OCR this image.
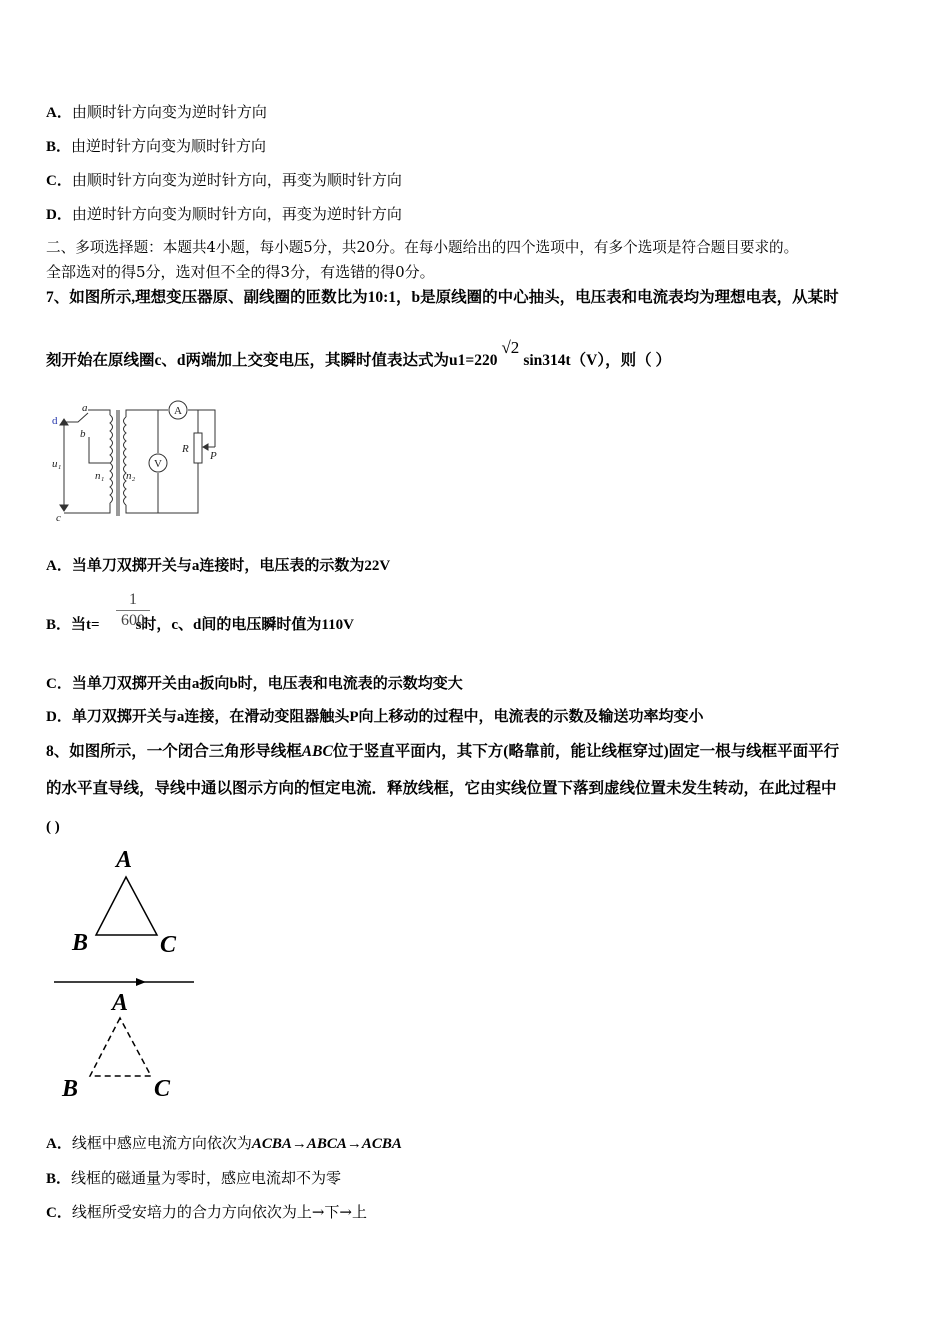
A．由顺时针方向变为逆时针方向
B．由逆时针方向变为顺时针方向
C．由顺时针方向变为逆时针方向，再变为顺时针方向
D．由逆时针方向变为顺时针方向，再变为逆时针方向
二、多项选择题：本题共4小题，每小题5分，共20分。在每小题给出的四个选项中，有多个选项是符合题目要求的。
全部选对的得5分，选对但不全的得3分，有选错的得0分。
7、如图所示,理想变压器原、副线圈的匝数比为10:1，b是原线圈的中心抽头，电压表和电流表均为理想电表，从某时
刻开始在原线圈c、d两端加上交变电压，其瞬时值表达式为u1=220√2sin314t（V），则（ ）
d
a
b
u₁
n₁ n₂
A
V
R
P
c
A．当单刀双掷开关与a连接时，电压表的示数为22V
B．当t= s时，c、d间的电压瞬时值为110V
$\frac{1}{600}$
C．当单刀双掷开关由a扳向b时，电压表和电流表的示数均变大
D．单刀双掷开关与a连接，在滑动变阻器触头P向上移动的过程中，电流表的示数及输送功率均变小
8、如图所示，一个闭合三角形导线框ABC位于竖直平面内，其下方(略靠前，能让线框穿过)固定一根与线框平面平行
的水平直导线，导线中通以图示方向的恒定电流．释放线框，它由实线位置下落到虚线位置未发生转动，在此过程中
( )
A
B	C
A
B	C
A．线框中感应电流方向依次为ACBA→ABCA→ACBA
B．线框的磁通量为零时，感应电流却不为零
C．线框所受安培力的合力方向依次为上→下→上
